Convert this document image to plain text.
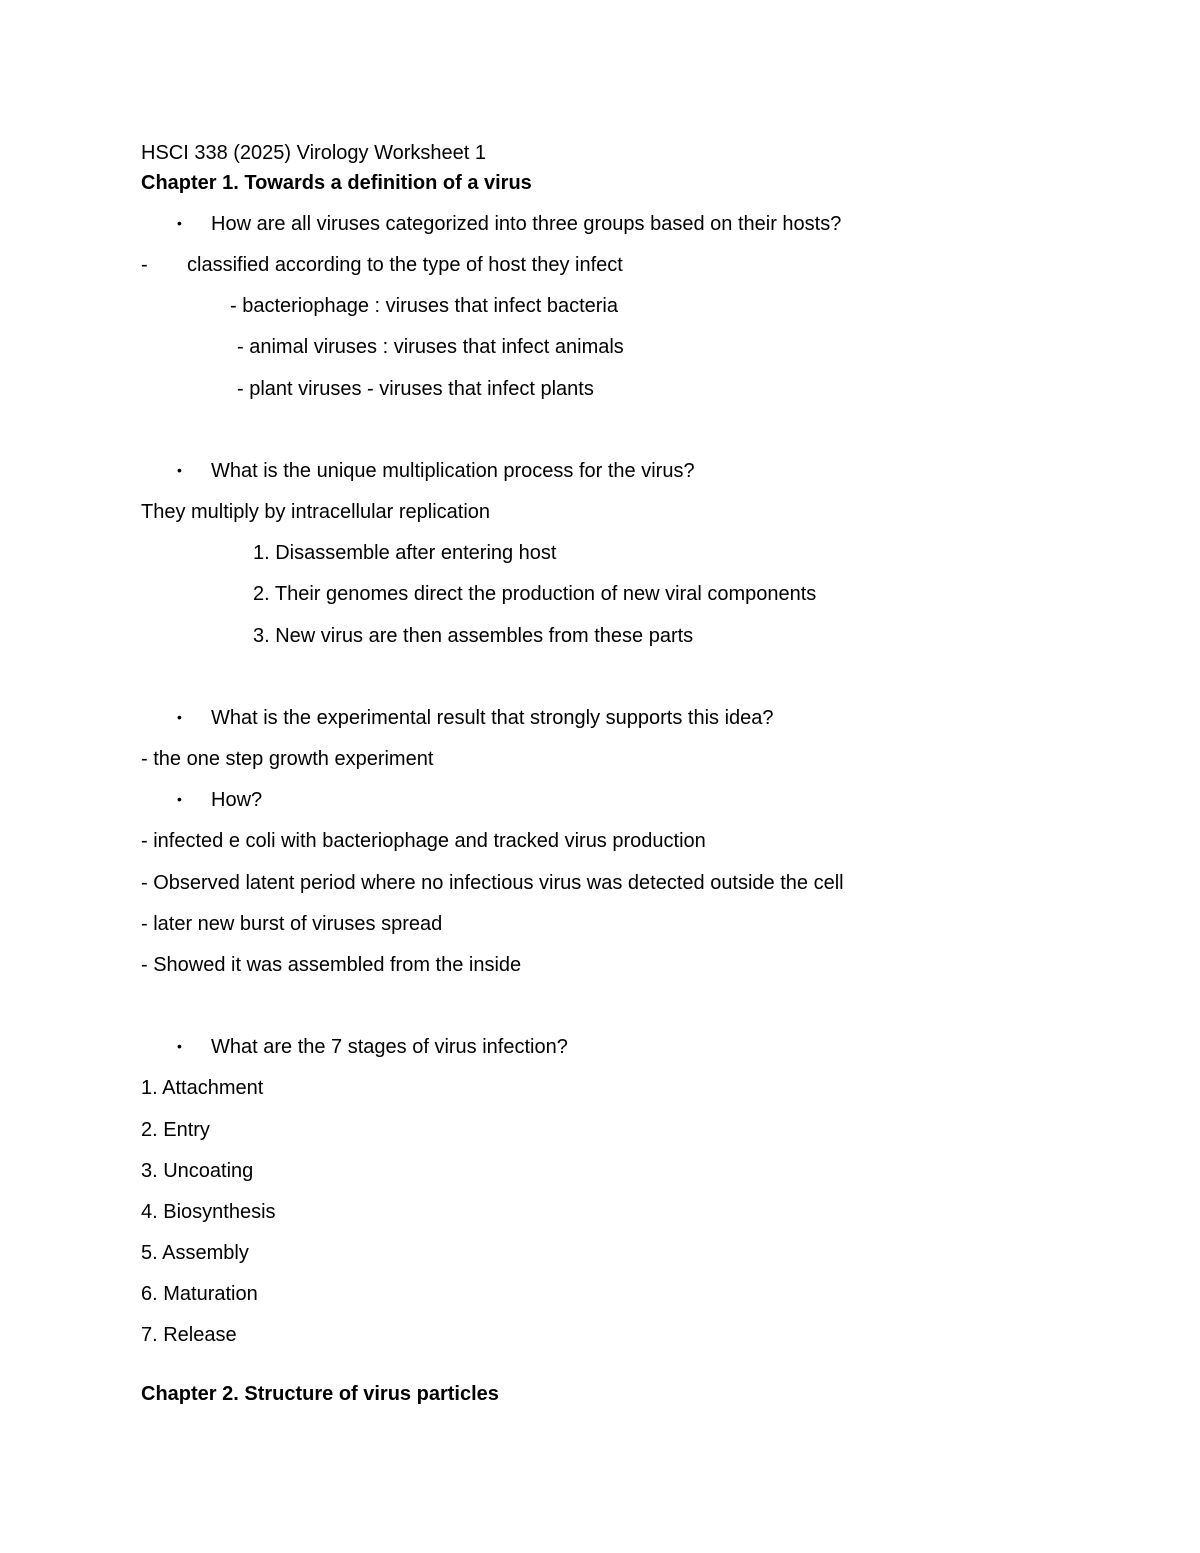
HSCI 338 (2025) Virology Worksheet 1
Chapter 1. Towards a definition of a virus
• How are all viruses categorized into three groups based on their hosts?
- classified according to the type of host they infect
- bacteriophage : viruses that infect bacteria
- animal viruses : viruses that infect animals
- plant viruses - viruses that infect plants
• What is the unique multiplication process for the virus?
They multiply by intracellular replication
1. Disassemble after entering host
2. Their genomes direct the production of new viral components
3. New virus are then assembles from these parts
• What is the experimental result that strongly supports this idea?
- the one step growth experiment
• How?
- infected e coli with bacteriophage and tracked virus production
- Observed latent period where no infectious virus was detected outside the cell
- later new burst of viruses spread
- Showed it was assembled from the inside
• What are the 7 stages of virus infection?
1. Attachment
2. Entry
3. Uncoating
4. Biosynthesis
5. Assembly
6. Maturation
7. Release
Chapter 2. Structure of virus particles
